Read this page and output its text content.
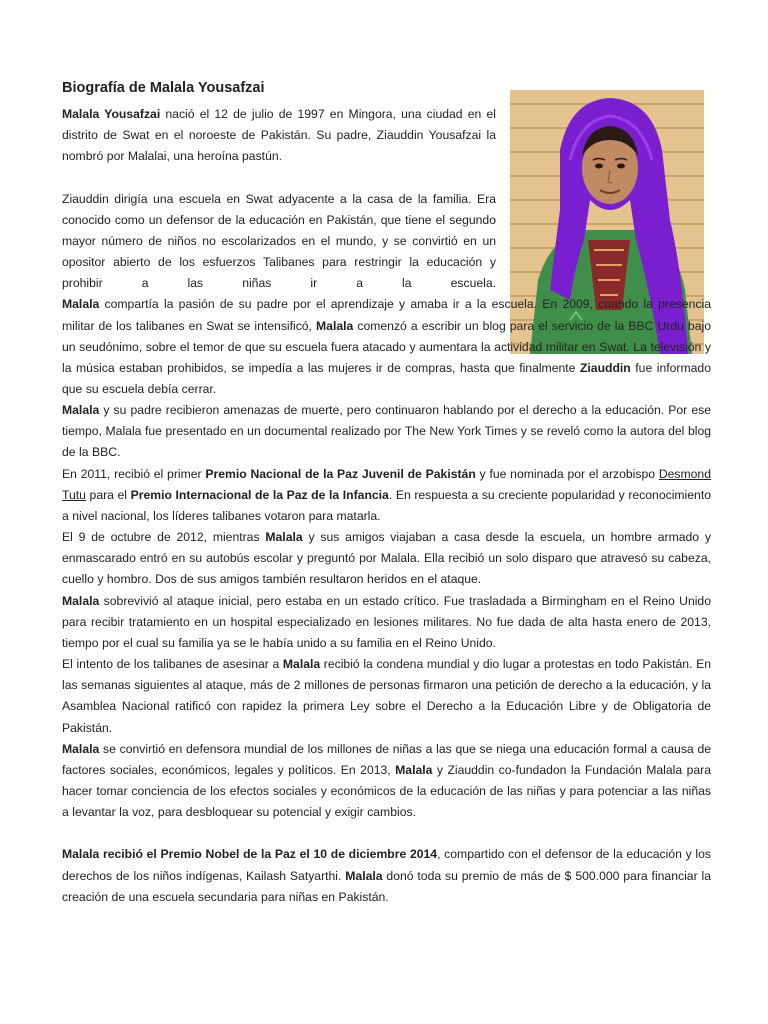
Biografía de Malala Yousafzai

Malala Yousafzai nació el 12 de julio de 1997 en Mingora, una ciudad en el distrito de Swat en el noroeste de Pakistán. Su padre, Ziauddin Yousafzai la nombró por Malalai, una heroína pastún.

Ziauddin dirigía una escuela en Swat adyacente a la casa de la familia. Era conocido como un defensor de la educación en Pakistán, que tiene el segundo mayor número de niños no escolarizados en el mundo, y se convirtió en un opositor abierto de los esfuerzos Talibanes para restringir la educación y prohibir a las niñas ir a la escuela.

Malala compartía la pasión de su padre por el aprendizaje y amaba ir a la escuela. En 2009, cuando la presencia militar de los talibanes en Swat se intensificó, Malala comenzó a escribir un blog para el servicio de la BBC Urdu bajo un seudónimo, sobre el temor de que su escuela fuera atacado y aumentara la actividad militar en Swat. La televisión y la música estaban prohibidos, se impedía a las mujeres ir de compras, hasta que finalmente Ziauddin fue informado que su escuela debía cerrar.

Malala y su padre recibieron amenazas de muerte, pero continuaron hablando por el derecho a la educación. Por ese tiempo, Malala fue presentado en un documental realizado por The New York Times y se reveló como la autora del blog de la BBC.

En 2011, recibió el primer Premio Nacional de la Paz Juvenil de Pakistán y fue nominada por el arzobispo Desmond Tutu para el Premio Internacional de la Paz de la Infancia. En respuesta a su creciente popularidad y reconocimiento a nivel nacional, los líderes talibanes votaron para matarla.

El 9 de octubre de 2012, mientras Malala y sus amigos viajaban a casa desde la escuela, un hombre armado y enmascarado entró en su autobús escolar y preguntó por Malala. Ella recibió un solo disparo que atravesó su cabeza, cuello y hombro. Dos de sus amigos también resultaron heridos en el ataque.

Malala sobrevivió al ataque inicial, pero estaba en un estado crítico. Fue trasladada a Birmingham en el Reino Unido para recibir tratamiento en un hospital especializado en lesiones militares. No fue dada de alta hasta enero de 2013, tiempo por el cual su familia ya se le había unido a su familia en el Reino Unido.

El intento de los talibanes de asesinar a Malala recibió la condena mundial y dio lugar a protestas en todo Pakistán. En las semanas siguientes al ataque, más de 2 millones de personas firmaron una petición de derecho a la educación, y la Asamblea Nacional ratificó con rapidez la primera Ley sobre el Derecho a la Educación Libre y de Obligatoria de Pakistán.

Malala se convirtió en defensora mundial de los millones de niñas a las que se niega una educación formal a causa de factores sociales, económicos, legales y políticos. En 2013, Malala y Ziauddin co-fundadon la Fundación Malala para hacer tomar conciencia de los efectos sociales y económicos de la educación de las niñas y para potenciar a las niñas a levantar la voz, para desbloquear su potencial y exigir cambios.

Malala recibió el Premio Nobel de la Paz el 10 de diciembre 2014, compartido con el defensor de la educación y los derechos de los niños indígenas, Kailash Satyarthi. Malala donó toda su premio de más de $ 500.000 para financiar la creación de una escuela secundaria para niñas en Pakistán.
